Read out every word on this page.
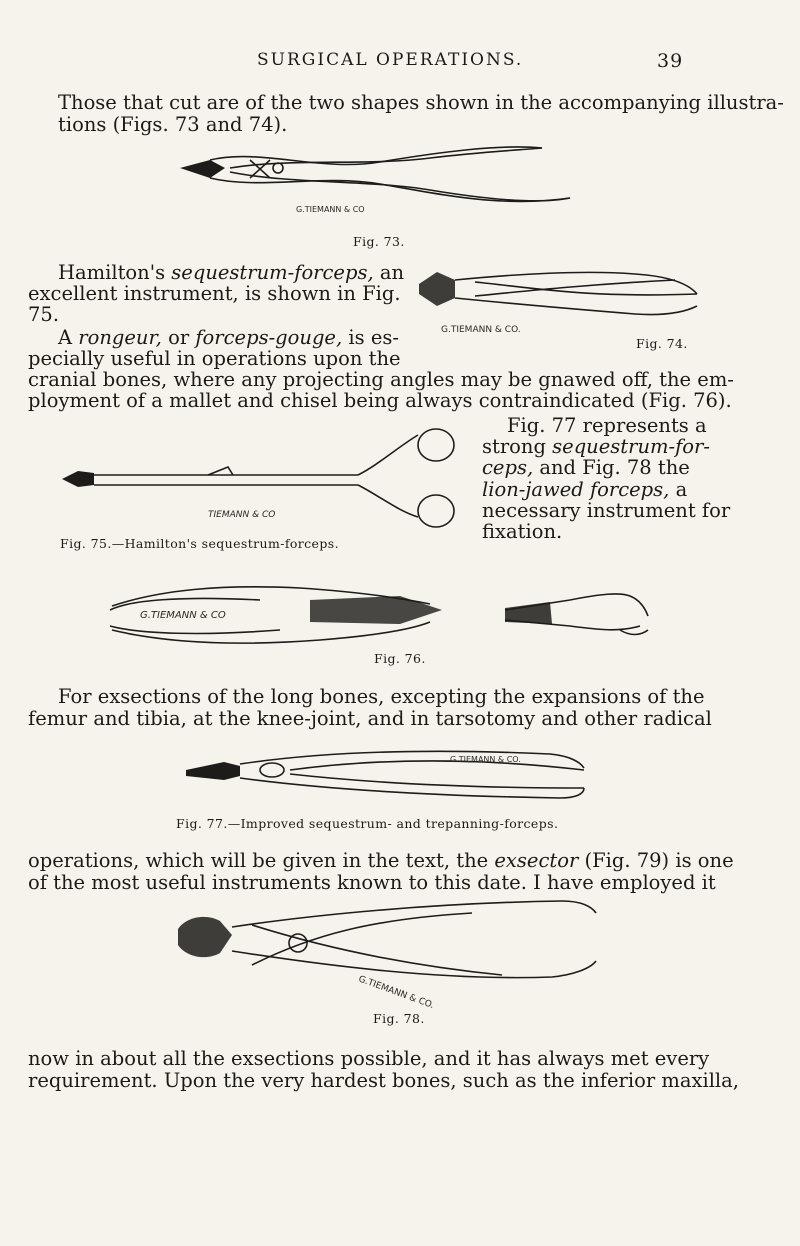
SURGICAL OPERATIONS.	39
Those that cut are of the two shapes shown in the accompanying illustra-
tions (Figs. 73 and 74).
G.TIEMANN & CO
Fig. 73.
Hamilton's sequestrum-forceps, an
excellent instrument, is shown in Fig.
75.
A rongeur, or forceps-gouge, is es-
pecially useful in operations upon the
cranial bones, where any projecting angles may be gnawed off, the em-
ployment of a mallet and chisel being always contraindicated (Fig. 76).
G.TIEMANN & CO.
Fig. 74.
TIEMANN & CO
Fig. 75.—Hamilton's sequestrum-forceps.
Fig. 77 represents a
strong sequestrum-for-
ceps, and Fig. 78 the
lion-jawed forceps, a
necessary instrument for
fixation.
G.TIEMANN & CO
Fig. 76.
For exsections of the long bones, excepting the expansions of the
femur and tibia, at the knee-joint, and in tarsotomy and other radical
G.TIEMANN & CO.
Fig. 77.—Improved sequestrum- and trepanning-forceps.
operations, which will be given in the text, the exsector (Fig. 79) is one
of the most useful instruments known to this date. I have employed it
G.TIEMANN & CO.
Fig. 78.
now in about all the exsections possible, and it has always met every
requirement. Upon the very hardest bones, such as the inferior maxilla,
